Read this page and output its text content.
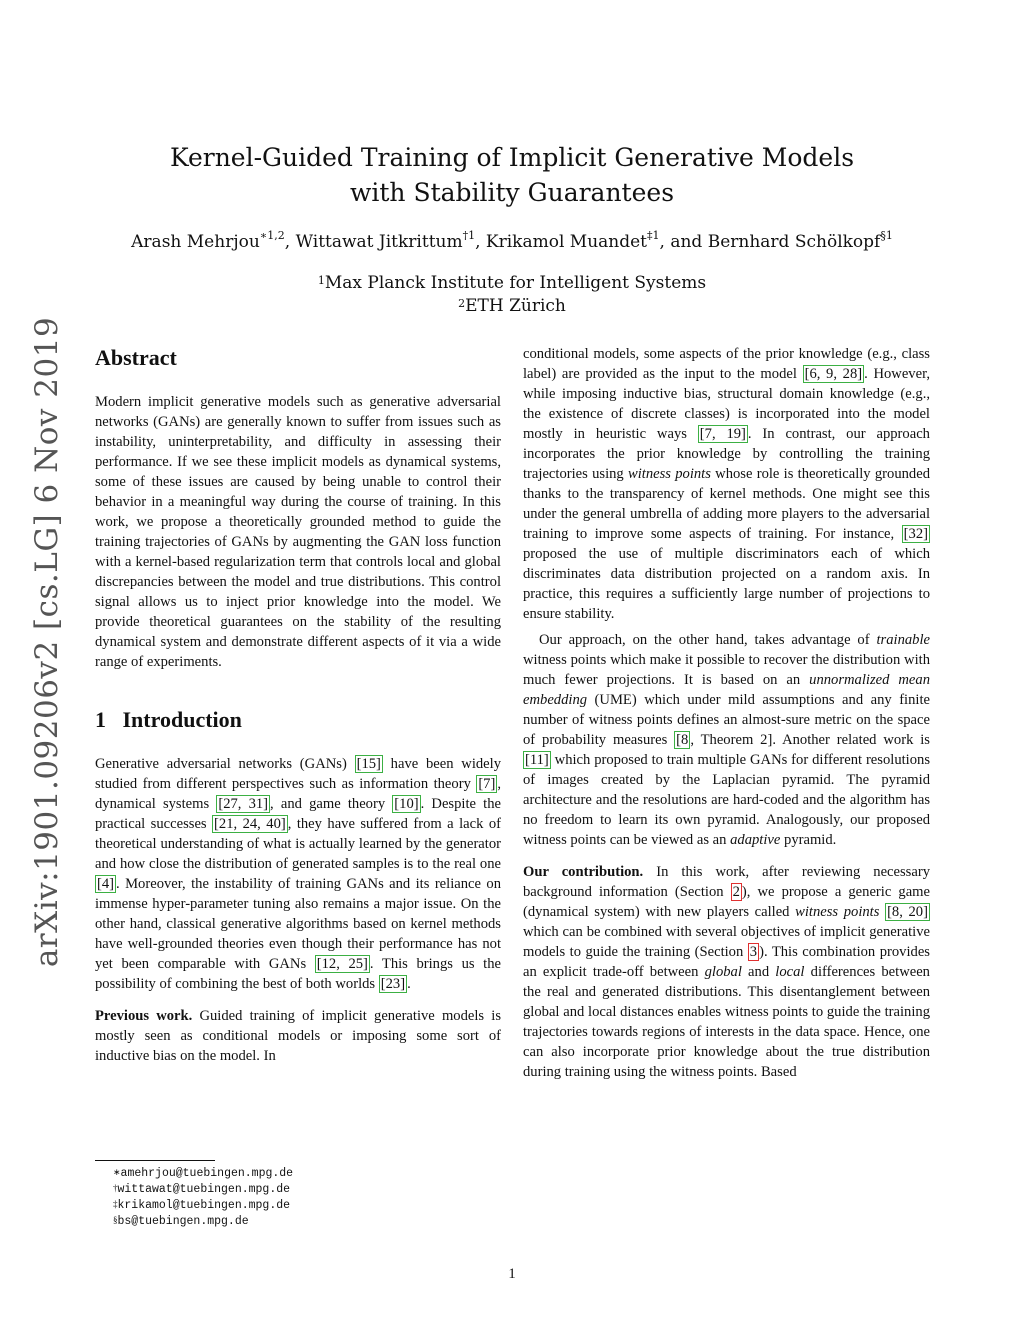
arXiv:1901.09206v2 [cs.LG] 6 Nov 2019
Kernel-Guided Training of Implicit Generative Models
with Stability Guarantees
Arash Mehrjou$^{∗1,2}$, Wittawat Jitkrittum$^{\dagger 1}$, Krikamol Muandet$^{\ddagger 1}$, and Bernhard Schölkopf$^{\S 1}$
$^1$Max Planck Institute for Intelligent Systems
$^2$ETH Zürich
Abstract

Modern implicit generative models such as generative adversarial networks (GANs) are generally known to suffer from issues such as instability, uninterpretability, and difficulty in assessing their performance. If we see these implicit models as dynamical systems, some of these issues are caused by being unable to control their behavior in a meaningful way during the course of training. In this work, we propose a theoretically grounded method to guide the training trajectories of GANs by augmenting the GAN loss function with a kernel-based regularization term that controls local and global discrepancies between the model and true distributions. This control signal allows us to inject prior knowledge into the model. We provide theoretical guarantees on the stability of the resulting dynamical system and demonstrate different aspects of it via a wide range of experiments.

1 Introduction

Generative adversarial networks (GANs) [15] have been widely studied from different perspectives such as information theory [7] , dynamical systems [27, 31] , and game theory [10] . Despite the practical successes [21, 24, 40] , they have suffered from a lack of theoretical understanding of what is actually learned by the generator and how close the distribution of generated samples is to the real one [4] . Moreover, the instability of training GANs and its reliance on immense hyper-parameter tuning also remains a major issue. On the other hand, classical generative algorithms based on kernel methods have well-grounded theories even though their performance has not yet been comparable with GANs [12, 25] . This brings us the possibility of combining the best of both worlds [23] .

Previous work. Guided training of implicit generative models is mostly seen as conditional models or imposing some sort of inductive bias on the model. In

conditional models, some aspects of the prior knowledge (e.g., class label) are provided as the input to the model [6, 9, 28] . However, while imposing inductive bias, structural domain knowledge (e.g., the existence of discrete classes) is incorporated into the model mostly in heuristic ways [7, 19] . In contrast, our approach incorporates the prior knowledge by controlling the training trajectories using witness points whose role is theoretically grounded thanks to the transparency of kernel methods. One might see this under the general umbrella of adding more players to the adversarial training to improve some aspects of training. For instance, [32] proposed the use of multiple discriminators each of which discriminates data distribution projected on a random axis. In practice, this requires a sufficiently large number of projections to ensure stability.

Our approach, on the other hand, takes advantage of trainable witness points which make it possible to recover the distribution with much fewer projections. It is based on an unnormalized mean embedding (UME) which under mild assumptions and any finite number of witness points defines an almost-sure metric on the space of probability measures [8 , Theorem 2]. Another related work is [11] which proposed to train multiple GANs for different resolutions of images created by the Laplacian pyramid. The pyramid architecture and the resolutions are hard-coded and the algorithm has no freedom to learn its own pyramid. Analogously, our proposed witness points can be viewed as an adaptive pyramid.

Our contribution. In this work, after reviewing necessary background information (Section 2 ), we propose a generic game (dynamical system) with new players called witness points [8, 20] which can be combined with several objectives of implicit generative models to guide the training (Section 3 ). This combination provides an explicit trade-off between global and local differences between the real and generated distributions. This disentanglement between global and local distances enables witness points to guide the training trajectories towards regions of interests in the data space. Hence, one can also incorporate prior knowledge about the true distribution during training using the witness points. Based

∗amehrjou@tuebingen.mpg.de
†wittawat@tuebingen.mpg.de
‡krikamol@tuebingen.mpg.de
§bs@tuebingen.mpg.de
1
